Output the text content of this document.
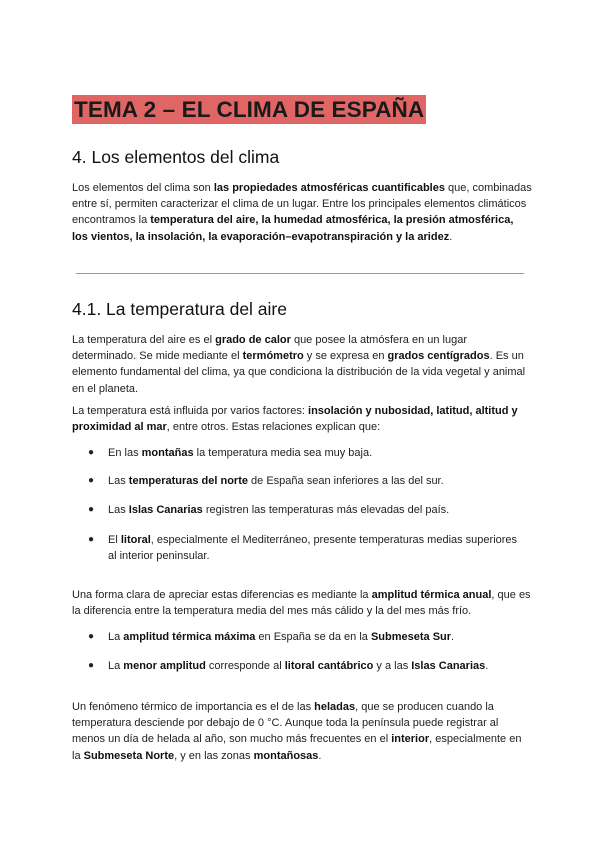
TEMA 2 – EL CLIMA DE ESPAÑA
4. Los elementos del clima

Los elementos del clima son las propiedades atmosféricas cuantificables que, combinadas entre sí, permiten caracterizar el clima de un lugar. Entre los principales elementos climáticos encontramos la temperatura del aire, la humedad atmosférica, la presión atmosférica, los vientos, la insolación, la evaporación–evapotranspiración y la aridez.

4.1. La temperatura del aire

La temperatura del aire es el grado de calor que posee la atmósfera en un lugar determinado. Se mide mediante el termómetro y se expresa en grados centígrados. Es un elemento fundamental del clima, ya que condiciona la distribución de la vida vegetal y animal en el planeta.

La temperatura está influida por varios factores: insolación y nubosidad, latitud, altitud y proximidad al mar, entre otros. Estas relaciones explican que:

●	En las montañas la temperatura media sea muy baja.
●	Las temperaturas del norte de España sean inferiores a las del sur.
●	Las Islas Canarias registren las temperaturas más elevadas del país.
●	El litoral, especialmente el Mediterráneo, presente temperaturas medias superiores al interior peninsular.

Una forma clara de apreciar estas diferencias es mediante la amplitud térmica anual, que es la diferencia entre la temperatura media del mes más cálido y la del mes más frío.

●	La amplitud térmica máxima en España se da en la Submeseta Sur.
●	La menor amplitud corresponde al litoral cantábrico y a las Islas Canarias.

Un fenómeno térmico de importancia es el de las heladas, que se producen cuando la temperatura desciende por debajo de 0 °C. Aunque toda la península puede registrar al menos un día de helada al año, son mucho más frecuentes en el interior, especialmente en la Submeseta Norte, y en las zonas montañosas.
